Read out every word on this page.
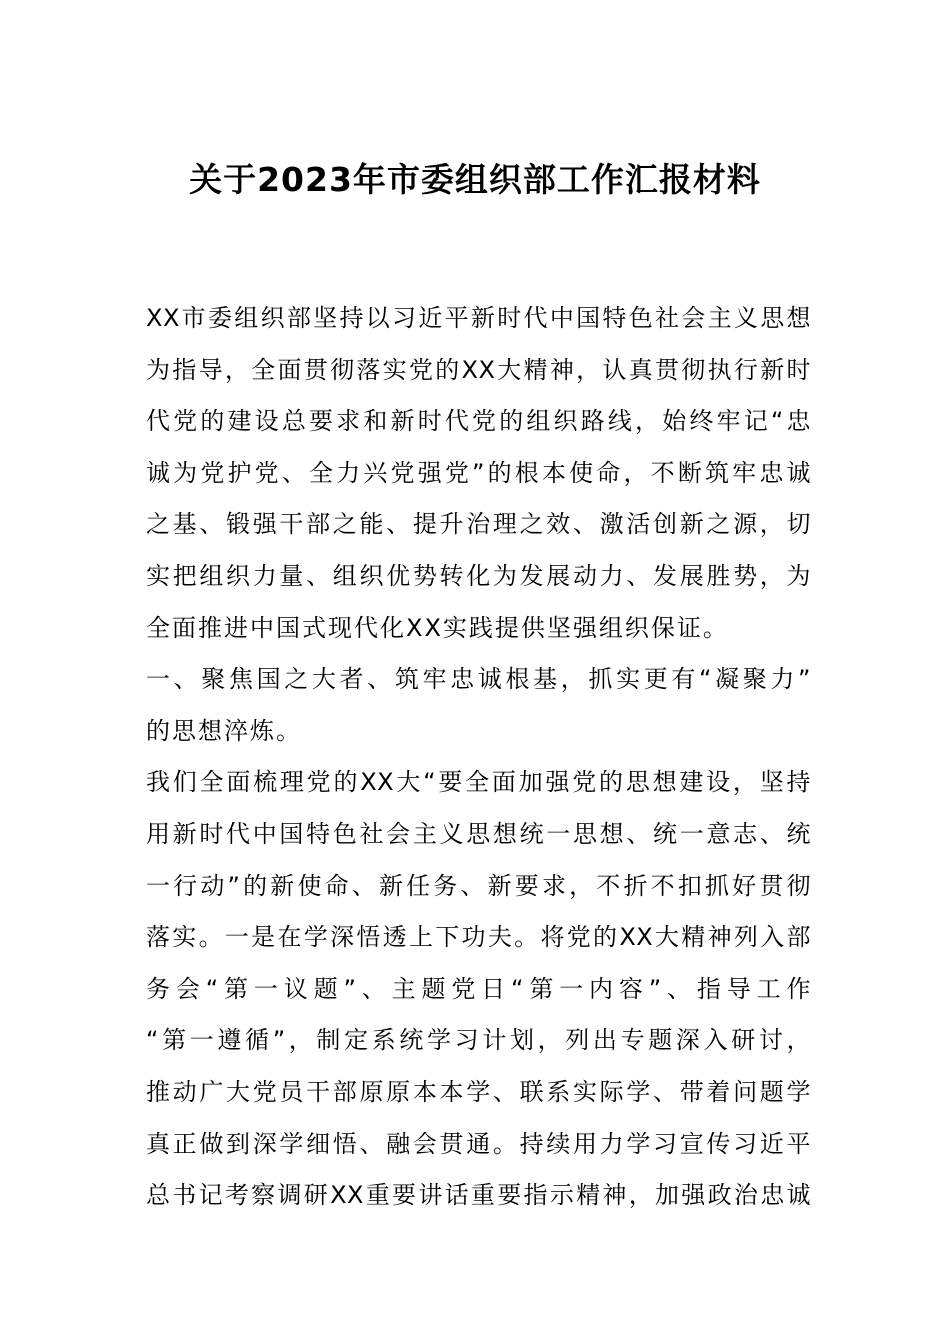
关于2023年市委组织部工作汇报材料
XX市委组织部坚持以习近平新时代中国特色社会主义思想
为指导，全面贯彻落实党的XX大精神，认真贯彻执行新时
代党的建设总要求和新时代党的组织路线，始终牢记“忠
诚为党护党、全力兴党强党”的根本使命，不断筑牢忠诚
之基、锻强干部之能、提升治理之效、激活创新之源，切
实把组织力量、组织优势转化为发展动力、发展胜势，为
全面推进中国式现代化XX实践提供坚强组织保证。
一、聚焦国之大者、筑牢忠诚根基，抓实更有“凝聚力”
的思想淬炼。
我们全面梳理党的XX大“要全面加强党的思想建设，坚持
用新时代中国特色社会主义思想统一思想、统一意志、统
一行动”的新使命、新任务、新要求，不折不扣抓好贯彻
落实。一是在学深悟透上下功夫。将党的XX大精神列入部
务会“第一议题”、主题党日“第一内容”、指导工作
“第一遵循”，制定系统学习计划，列出专题深入研讨，
推动广大党员干部原原本本学、联系实际学、带着问题学
真正做到深学细悟、融会贯通。持续用力学习宣传习近平
总书记考察调研XX重要讲话重要指示精神，加强政治忠诚
